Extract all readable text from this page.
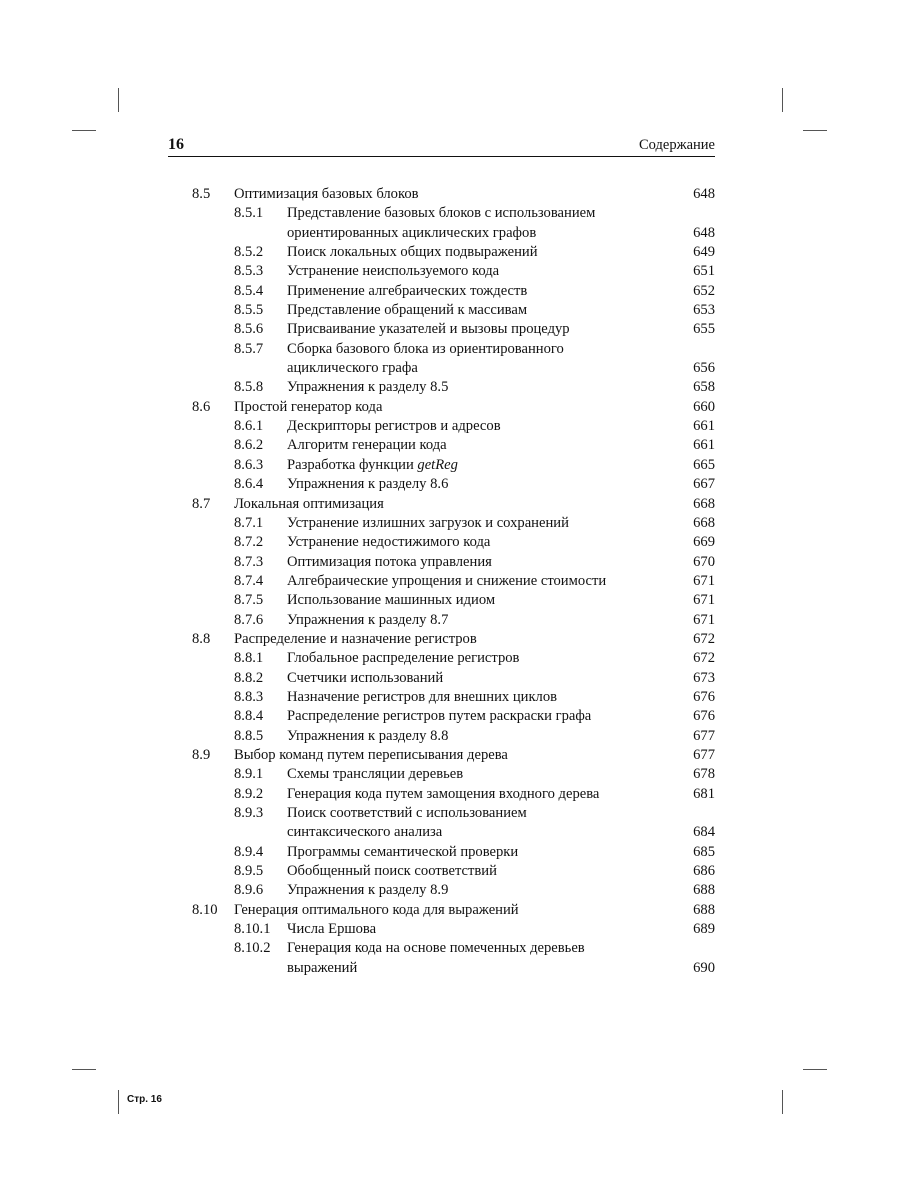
16	Содержание
8.5 Оптимизация базовых блоков	648
8.5.1 Представление базовых блоков с использованием
ориентированных ациклических графов	648
8.5.2 Поиск локальных общих подвыражений	649
8.5.3 Устранение неиспользуемого кода	651
8.5.4 Применение алгебраических тождеств	652
8.5.5 Представление обращений к массивам	653
8.5.6 Присваивание указателей и вызовы процедур	655
8.5.7 Сборка базового блока из ориентированного
ациклического графа	656
8.5.8 Упражнения к разделу 8.5	658
8.6 Простой генератор кода	660
8.6.1 Дескрипторы регистров и адресов	661
8.6.2 Алгоритм генерации кода	661
8.6.3 Разработка функции getReg	665
8.6.4 Упражнения к разделу 8.6	667
8.7 Локальная оптимизация	668
8.7.1 Устранение излишних загрузок и сохранений	668
8.7.2 Устранение недостижимого кода	669
8.7.3 Оптимизация потока управления	670
8.7.4 Алгебраические упрощения и снижение стоимости	671
8.7.5 Использование машинных идиом	671
8.7.6 Упражнения к разделу 8.7	671
8.8 Распределение и назначение регистров	672
8.8.1 Глобальное распределение регистров	672
8.8.2 Счетчики использований	673
8.8.3 Назначение регистров для внешних циклов	676
8.8.4 Распределение регистров путем раскраски графа	676
8.8.5 Упражнения к разделу 8.8	677
8.9 Выбор команд путем переписывания дерева	677
8.9.1 Схемы трансляции деревьев	678
8.9.2 Генерация кода путем замощения входного дерева	681
8.9.3 Поиск соответствий с использованием
синтаксического анализа	684
8.9.4 Программы семантической проверки	685
8.9.5 Обобщенный поиск соответствий	686
8.9.6 Упражнения к разделу 8.9	688
8.10 Генерация оптимального кода для выражений	688
8.10.1 Числа Ершова	689
8.10.2 Генерация кода на основе помеченных деревьев
выражений	690
Стр. 16
